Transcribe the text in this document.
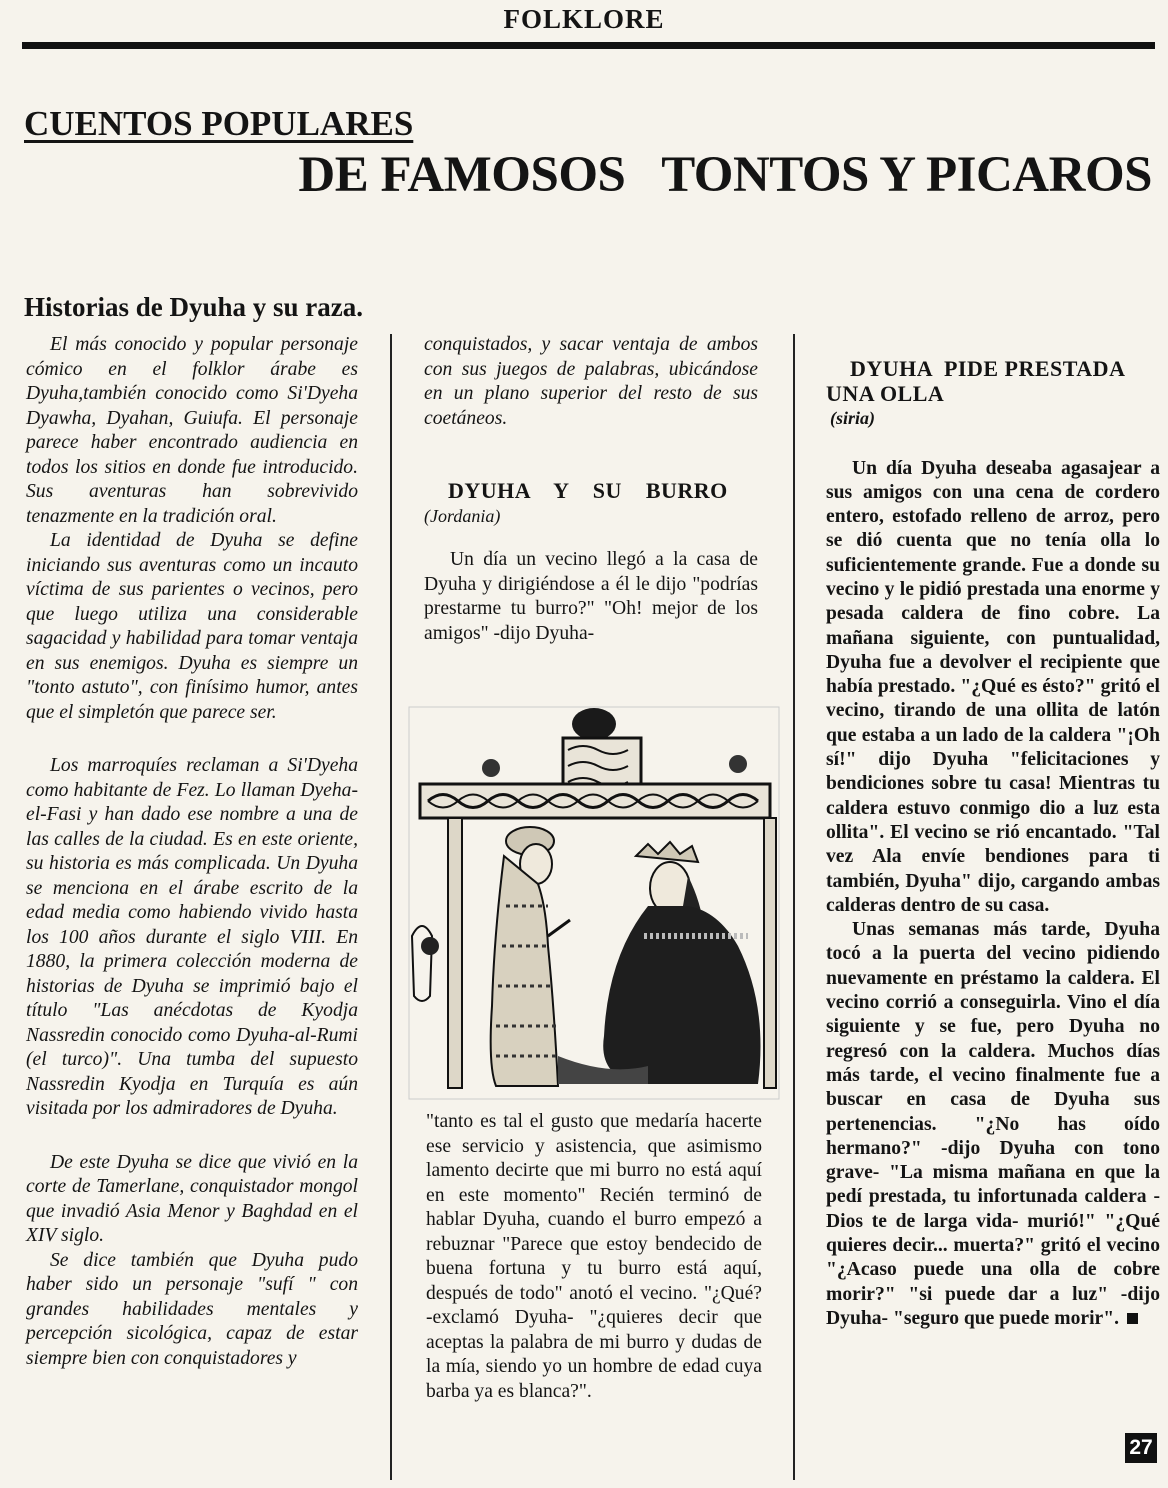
FOLKLORE
CUENTOS POPULARES
DE FAMOSOS   TONTOS Y PICAROS
Historias de Dyuha y su raza.

El más conocido y popular personaje cómico en el folklor árabe es Dyuha,también conocido como Si'Dyeha Dyawha, Dyahan, Guiufa. El personaje parece haber encontrado audiencia en todos los sitios en donde fue introducido. Sus aventuras han sobrevivido tenazmente en la tradición oral.

La identidad de Dyuha se define iniciando sus aventuras como un incauto víctima de sus parientes o vecinos, pero que luego utiliza una considerable sagacidad y habilidad para tomar ventaja en sus enemigos. Dyuha es siempre un "tonto astuto", con finísimo humor, antes que el simpletón que parece ser.

Los marroquíes reclaman a Si'Dyeha como habitante de Fez. Lo llaman Dyeha- el-Fasi y han dado ese nombre a una de las calles de la ciudad. Es en este oriente, su historia es más complicada. Un Dyuha se menciona en el árabe escrito de la edad media como habiendo vivido hasta los 100 años durante el siglo VIII. En 1880, la primera colección moderna de historias de Dyuha se imprimió bajo el título "Las anécdotas de Kyodja Nassredin conocido como Dyuha-al-Rumi (el turco)". Una tumba del supuesto Nassredin Kyodja en Turquía es aún visitada por los admiradores de Dyuha.

De este Dyuha se dice que vivió en la corte de Tamerlane, conquistador mongol que invadió Asia Menor y Baghdad en el XIV siglo.

Se dice también que Dyuha pudo haber sido un personaje "sufí " con grandes habilidades mentales y percepción sicológica, capaz de estar siempre bien con conquistadores y

conquistados, y sacar ventaja de ambos con sus juegos de palabras, ubicándose en un plano superior del resto de sus coetáneos.

DYUHA  Y  SU  BURRO

(Jordania)

Un día un vecino llegó a la casa de Dyuha y dirigiéndose a él le dijo "podrías prestarme tu burro?" "Oh! mejor de los amigos" -dijo Dyuha-

"tanto es tal el gusto que medaría hacerte ese servicio y asistencia, que asimismo lamento decirte que mi burro no está aquí en este momento" Recién terminó de hablar Dyuha, cuando el burro empezó a rebuznar "Parece que estoy bendecido de buena fortuna y tu burro está aquí, después de todo" anotó el vecino. "¿Qué? -exclamó Dyuha- "¿quieres decir que aceptas la palabra de mi burro y dudas de la mía, siendo yo un hombre de edad cuya barba ya es blanca?".

DYUHA  PIDE PRESTADA

UNA OLLA

(siria)

Un día Dyuha deseaba agasajear a sus amigos con una cena de cordero entero, estofado relleno de arroz, pero se dió cuenta que no tenía olla lo suficientemente grande. Fue a donde su vecino y le pidió prestada una enorme y pesada caldera de fino cobre. La mañana siguiente, con puntualidad, Dyuha fue a devolver el recipiente que había prestado. "¿Qué es ésto?" gritó el vecino, tirando de una ollita de latón que estaba a un lado de la caldera "¡Oh sí!" dijo Dyuha "felicitaciones y bendiciones sobre tu casa! Mientras tu caldera estuvo conmigo dio a luz esta ollita". El vecino se rió encantado. "Tal vez Ala envíe bendiones para ti también, Dyuha" dijo, cargando ambas calderas dentro de su casa.

Unas semanas más tarde, Dyuha tocó a la puerta del vecino pidiendo nuevamente en préstamo la caldera. El vecino corrió a conseguirla. Vino el día siguiente y se fue, pero Dyuha no regresó con la caldera. Muchos días más tarde, el vecino finalmente fue a buscar en casa de Dyuha sus pertenencias. "¿No has oído hermano?" -dijo Dyuha con tono grave- "La misma mañana en que la pedí prestada, tu infortunada caldera -Dios te de larga vida- murió!" "¿Qué quieres decir... muerta?" gritó el vecino "¿Acaso puede una olla de cobre morir?" "si puede dar a luz" -dijo Dyuha- "seguro que puede morir".

27
